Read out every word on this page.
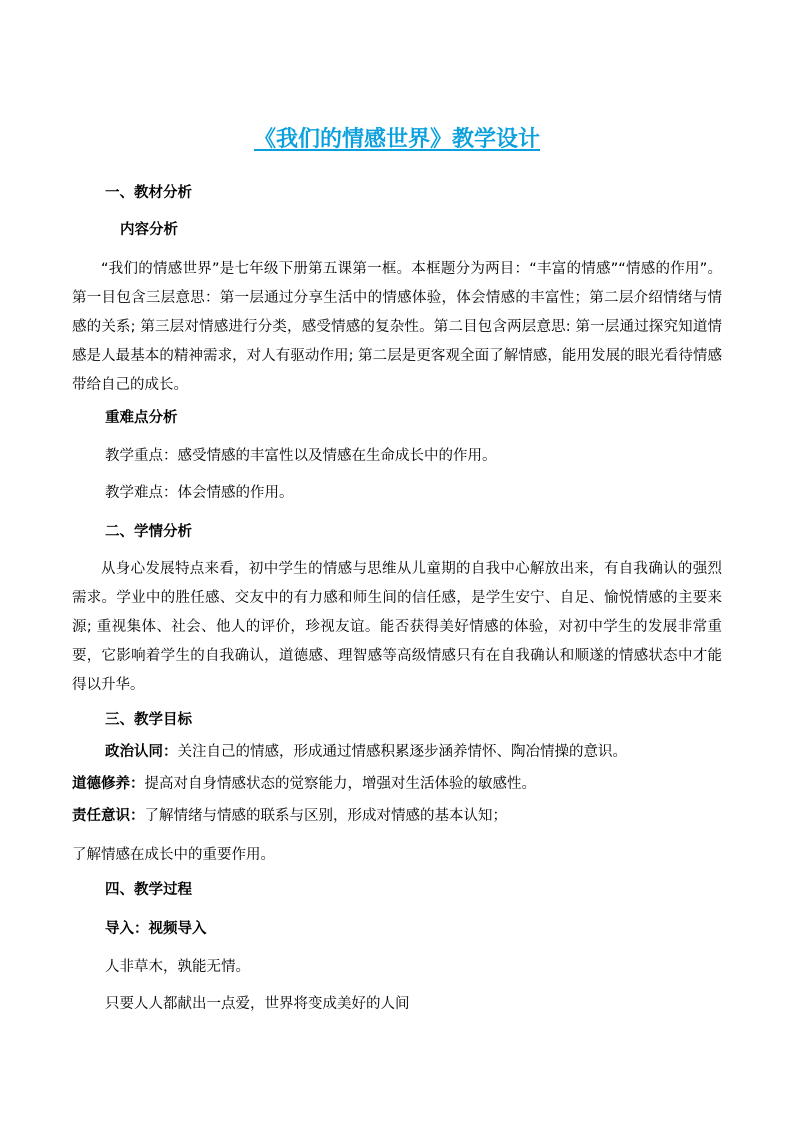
《我们的情感世界》教学设计
一、教材分析
内容分析
“我们的情感世界”是七年级下册第五课第一框。本框题分为两目：“丰富的情感”“情感的作用”。第一目包含三层意思：第一层通过分享生活中的情感体验，体会情感的丰富性；第二层介绍情绪与情感的关系; 第三层对情感进行分类，感受情感的复杂性。第二目包含两层意思: 第一层通过探究知道情感是人最基本的精神需求，对人有驱动作用; 第二层是更客观全面了解情感，能用发展的眼光看待情感带给自己的成长。
重难点分析
教学重点：感受情感的丰富性以及情感在生命成长中的作用。
教学难点：体会情感的作用。
二、学情分析
从身心发展特点来看，初中学生的情感与思维从儿童期的自我中心解放出来，有自我确认的强烈需求。学业中的胜任感、交友中的有力感和师生间的信任感，是学生安宁、自足、愉悦情感的主要来源; 重视集体、社会、他人的评价，珍视友谊。能否获得美好情感的体验，对初中学生的发展非常重要，它影响着学生的自我确认，道德感、理智感等高级情感只有在自我确认和顺遂的情感状态中才能得以升华。
三、教学目标
政治认同：关注自己的情感，形成通过情感积累逐步涵养情怀、陶冶情操的意识。
道德修养：提高对自身情感状态的觉察能力，增强对生活体验的敏感性。
责任意识：了解情绪与情感的联系与区别，形成对情感的基本认知；
了解情感在成长中的重要作用。
四、教学过程
导入：视频导入
人非草木，孰能无情。
只要人人都献出一点爱，世界将变成美好的人间
